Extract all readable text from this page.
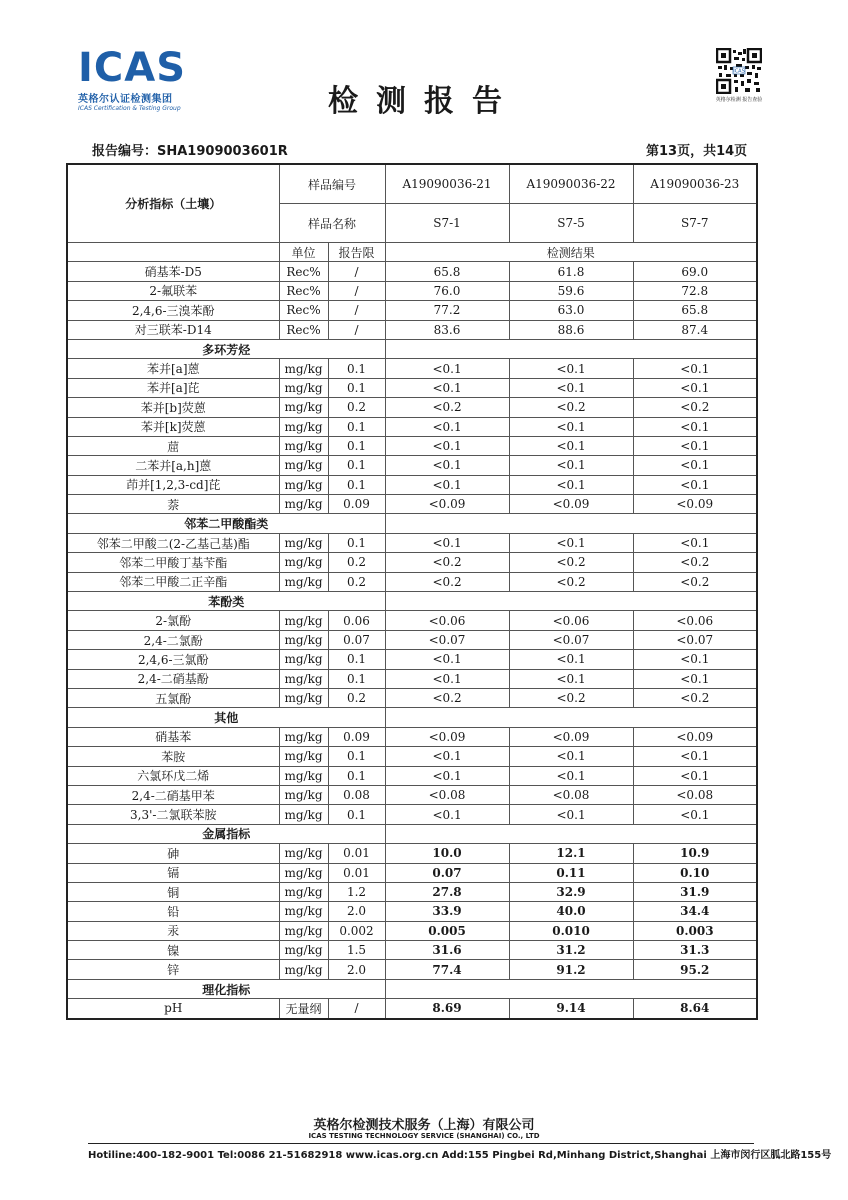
ICAS
英格尔认证检测集团
ICAS Certification & Testing Group	检测报告
ICAS
英格尔检测 报告查验
报告编号：SHA1909003601R	第13页，共14页
分析指标（土壤）	样品编号		A19090036-21	A19090036-22	A19090036-23
	样品名称		S7-1	S7-5	S7-7
	单位	报告限	检测结果		
硝基苯-D5	Rec%	/	65.8	61.8	69.0
2-氟联苯	Rec%	/	76.0	59.6	72.8
2,4,6-三溴苯酚	Rec%	/	77.2	63.0	65.8
对三联苯-D14	Rec%	/	83.6	88.6	87.4
多环芳烃					
苯并[a]蒽	mg/kg	0.1	<0.1	<0.1	<0.1
苯并[a]芘	mg/kg	0.1	<0.1	<0.1	<0.1
苯并[b]荧蒽	mg/kg	0.2	<0.2	<0.2	<0.2
苯并[k]荧蒽	mg/kg	0.1	<0.1	<0.1	<0.1
䓛	mg/kg	0.1	<0.1	<0.1	<0.1
二苯并[a,h]蒽	mg/kg	0.1	<0.1	<0.1	<0.1
茚并[1,2,3-cd]芘	mg/kg	0.1	<0.1	<0.1	<0.1
萘	mg/kg	0.09	<0.09	<0.09	<0.09
邻苯二甲酸酯类					
邻苯二甲酸二(2-乙基己基)酯	mg/kg	0.1	<0.1	<0.1	<0.1
邻苯二甲酸丁基苄酯	mg/kg	0.2	<0.2	<0.2	<0.2
邻苯二甲酸二正辛酯	mg/kg	0.2	<0.2	<0.2	<0.2
苯酚类					
2-氯酚	mg/kg	0.06	<0.06	<0.06	<0.06
2,4-二氯酚	mg/kg	0.07	<0.07	<0.07	<0.07
2,4,6-三氯酚	mg/kg	0.1	<0.1	<0.1	<0.1
2,4-二硝基酚	mg/kg	0.1	<0.1	<0.1	<0.1
五氯酚	mg/kg	0.2	<0.2	<0.2	<0.2
其他					
硝基苯	mg/kg	0.09	<0.09	<0.09	<0.09
苯胺	mg/kg	0.1	<0.1	<0.1	<0.1
六氯环戊二烯	mg/kg	0.1	<0.1	<0.1	<0.1
2,4-二硝基甲苯	mg/kg	0.08	<0.08	<0.08	<0.08
3,3'-二氯联苯胺	mg/kg	0.1	<0.1	<0.1	<0.1
金属指标					
砷	mg/kg	0.01	10.0	12.1	10.9
镉	mg/kg	0.01	0.07	0.11	0.10
铜	mg/kg	1.2	27.8	32.9	31.9
铅	mg/kg	2.0	33.9	40.0	34.4
汞	mg/kg	0.002	0.005	0.010	0.003
镍	mg/kg	1.5	31.6	31.2	31.3
锌	mg/kg	2.0	77.4	91.2	95.2
理化指标					
pH	无量纲	/	8.69	9.14	8.64
英格尔检测技术服务（上海）有限公司
ICAS TESTING TECHNOLOGY SERVICE (SHANGHAI) CO., LTD
Hotiline:400-182-9001 Tel:0086 21-51682918 www.icas.org.cn Add:155 Pingbei Rd,Minhang District,Shanghai 上海市闵行区胍北路155号
